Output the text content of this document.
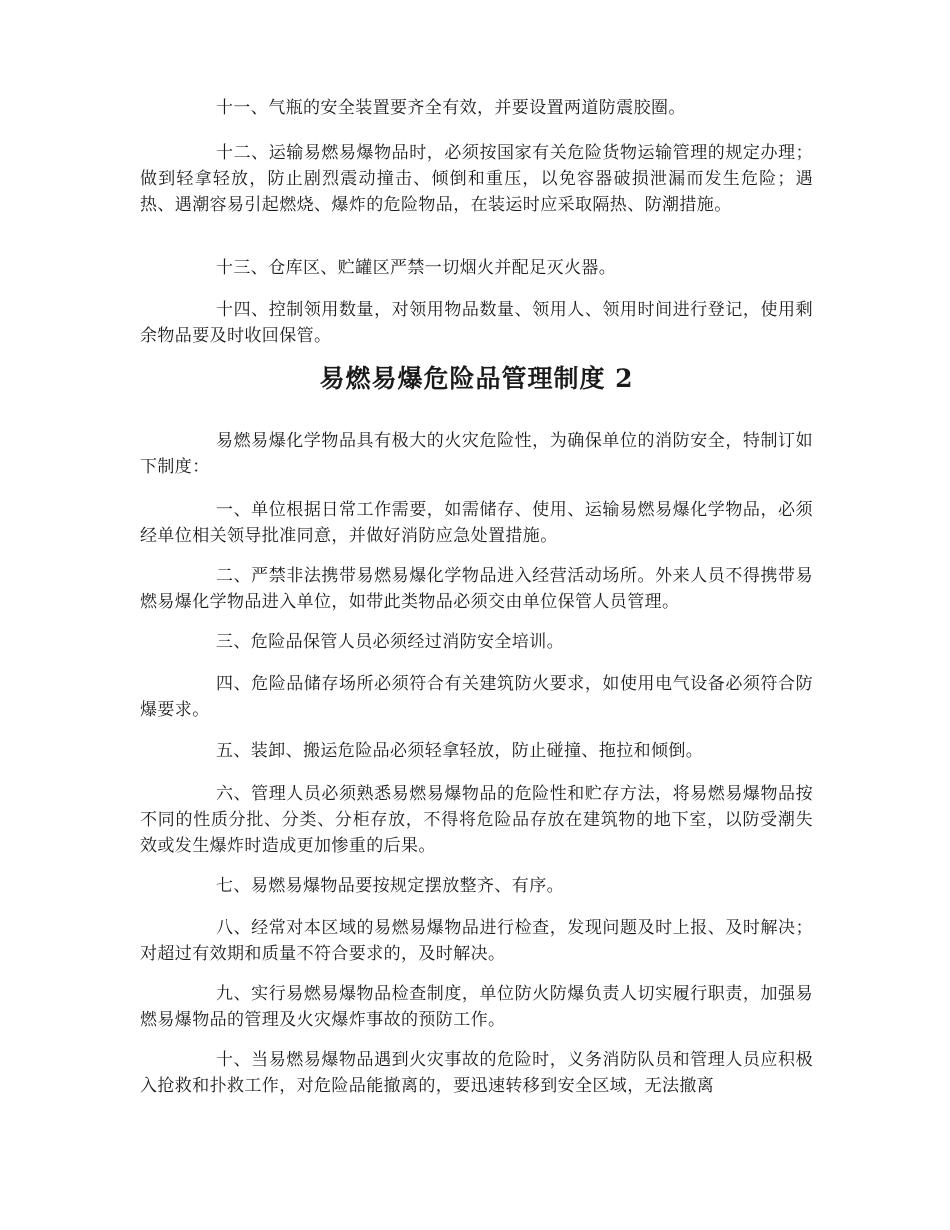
十一、气瓶的安全装置要齐全有效，并要设置两道防震胶圈。

十二、运输易燃易爆物品时，必须按国家有关危险货物运输管理的规定办理；做到轻拿轻放，防止剧烈震动撞击、倾倒和重压，以免容器破损泄漏而发生危险；遇热、遇潮容易引起燃烧、爆炸的危险物品，在装运时应采取隔热、防潮措施。

十三、仓库区、贮罐区严禁一切烟火并配足灭火器。

十四、控制领用数量，对领用物品数量、领用人、领用时间进行登记，使用剩余物品要及时收回保管。

易燃易爆危险品管理制度 2

易燃易爆化学物品具有极大的火灾危险性，为确保单位的消防安全，特制订如下制度：

一、单位根据日常工作需要，如需储存、使用、运输易燃易爆化学物品，必须经单位相关领导批准同意，并做好消防应急处置措施。

二、严禁非法携带易燃易爆化学物品进入经营活动场所。外来人员不得携带易燃易爆化学物品进入单位，如带此类物品必须交由单位保管人员管理。

三、危险品保管人员必须经过消防安全培训。

四、危险品储存场所必须符合有关建筑防火要求，如使用电气设备必须符合防爆要求。

五、装卸、搬运危险品必须轻拿轻放，防止碰撞、拖拉和倾倒。

六、管理人员必须熟悉易燃易爆物品的危险性和贮存方法，将易燃易爆物品按不同的性质分批、分类、分柜存放，不得将危险品存放在建筑物的地下室，以防受潮失效或发生爆炸时造成更加惨重的后果。

七、易燃易爆物品要按规定摆放整齐、有序。

八、经常对本区域的易燃易爆物品进行检查，发现问题及时上报、及时解决；对超过有效期和质量不符合要求的，及时解决。

九、实行易燃易爆物品检查制度，单位防火防爆负责人切实履行职责，加强易燃易爆物品的管理及火灾爆炸事故的预防工作。

十、当易燃易爆物品遇到火灾事故的危险时，义务消防队员和管理人员应积极入抢救和扑救工作，对危险品能撤离的，要迅速转移到安全区域，无法撤离
